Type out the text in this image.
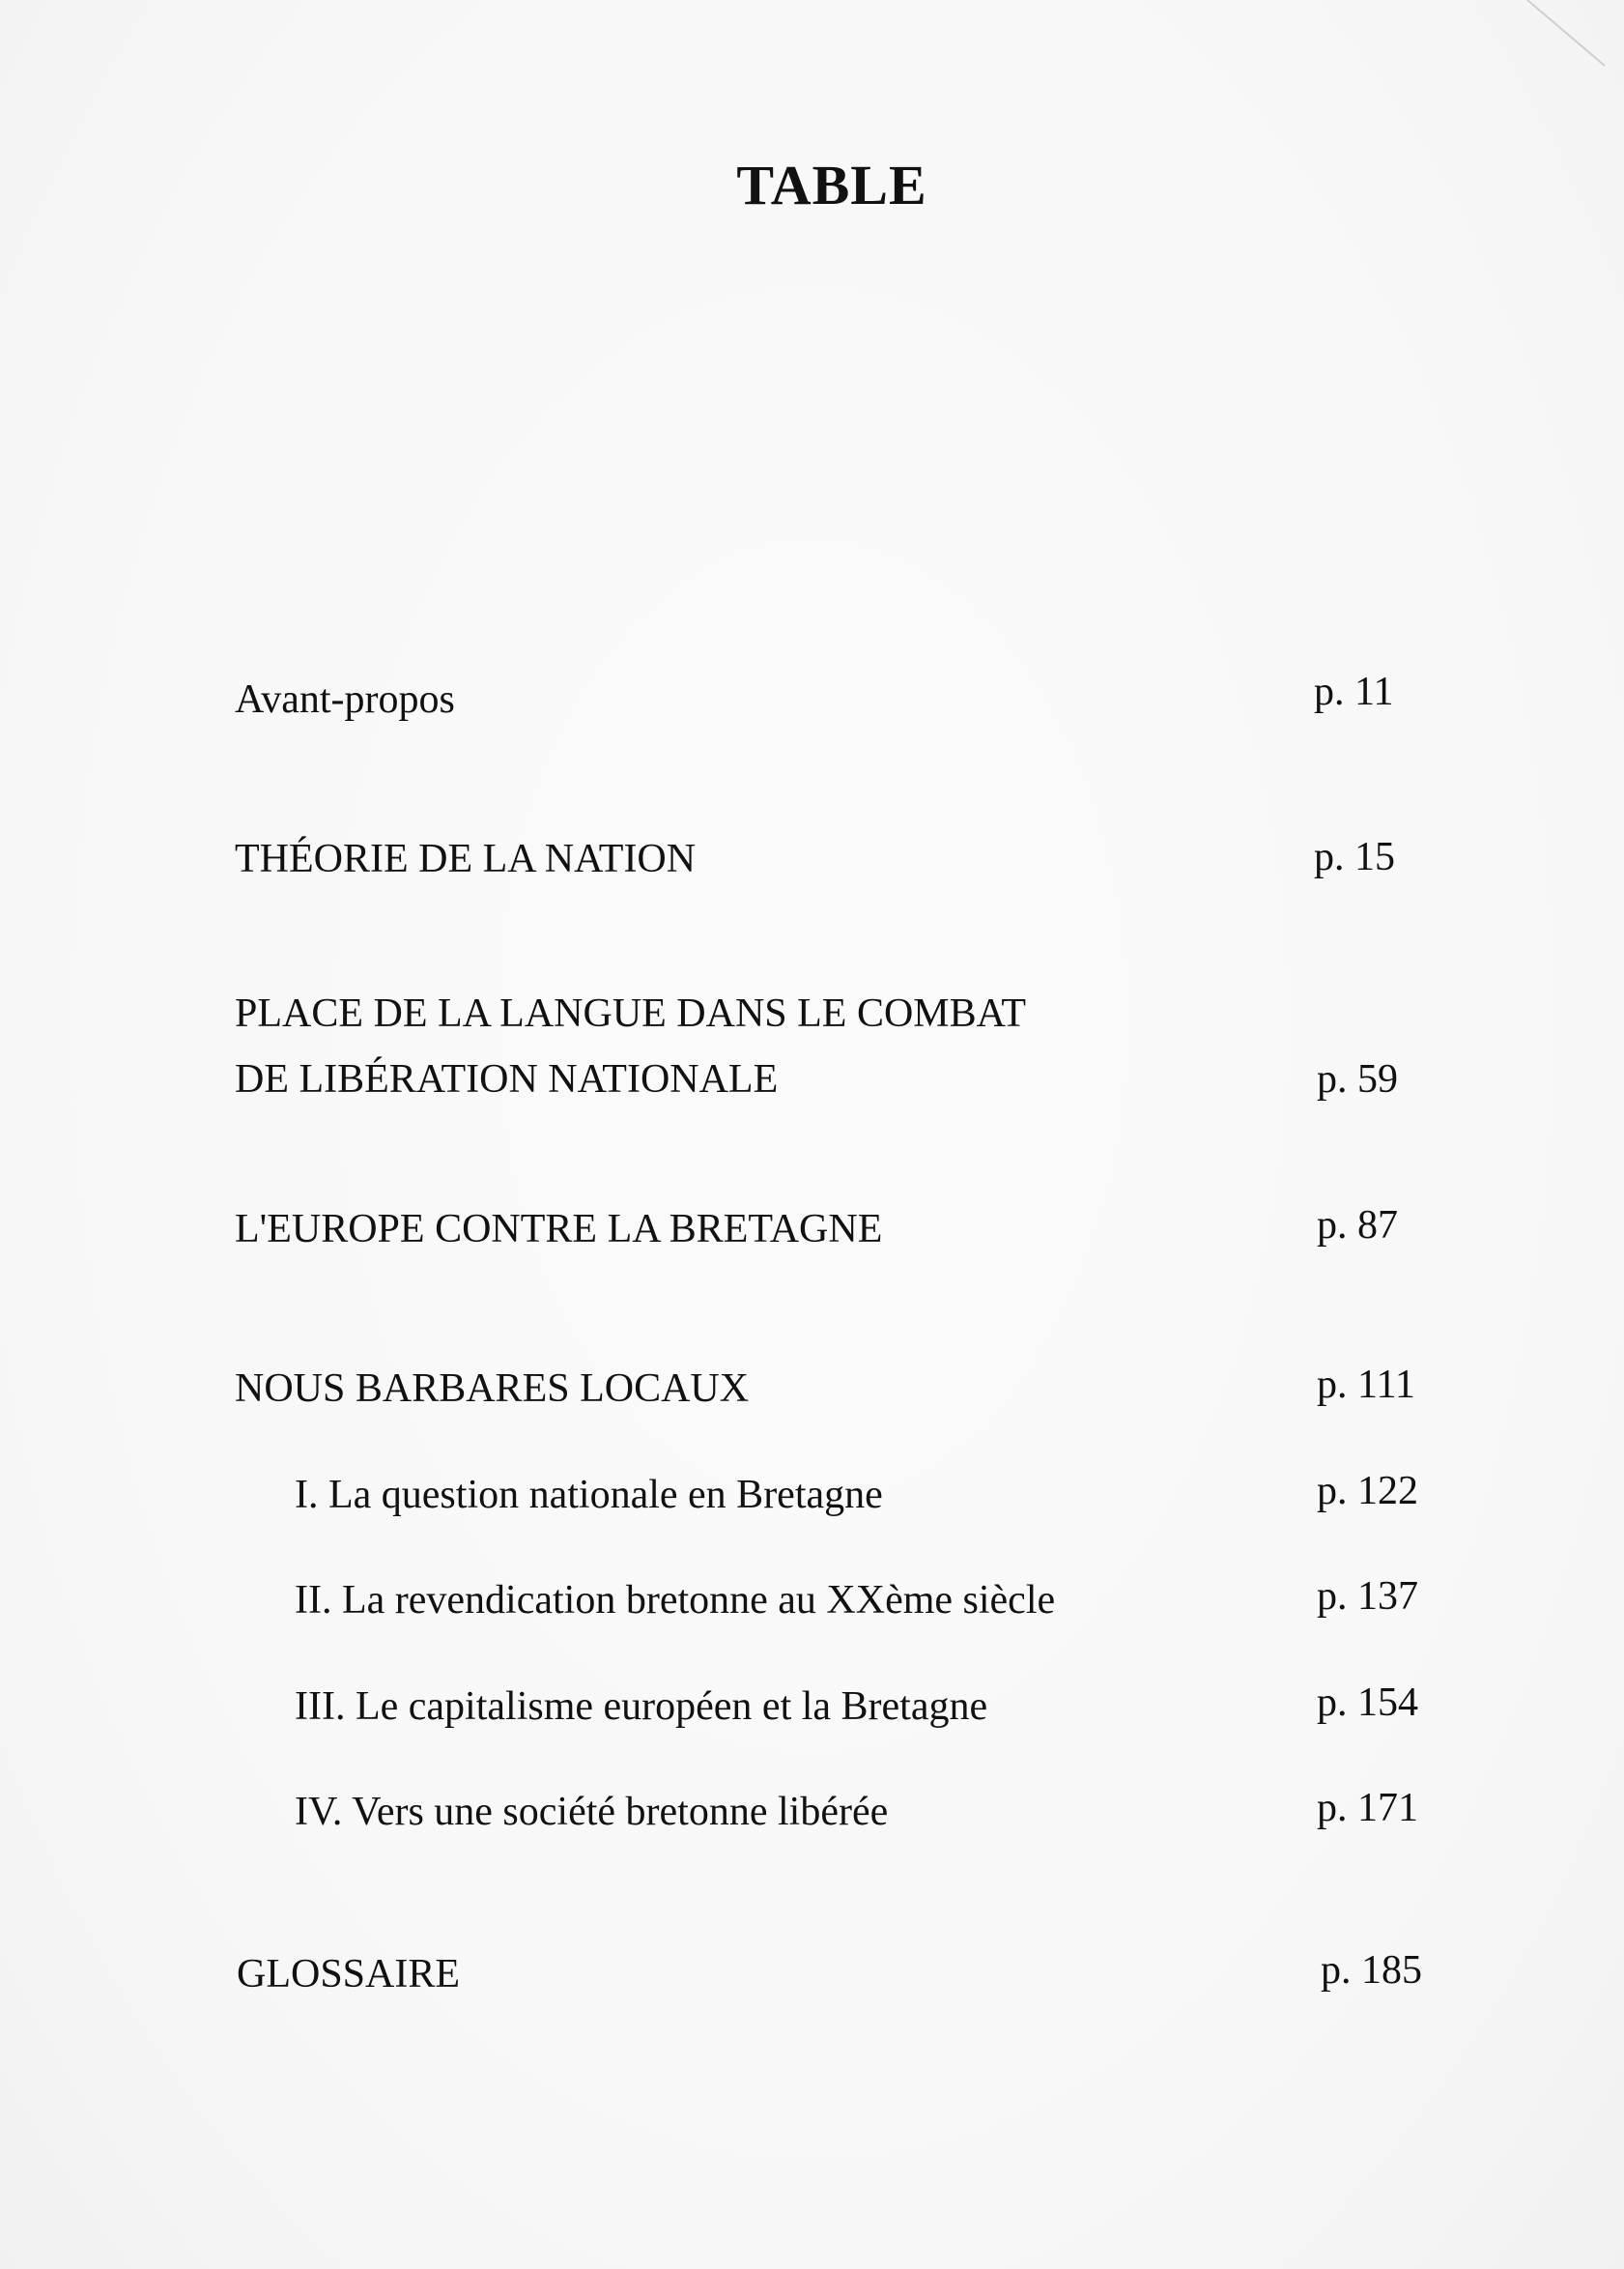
TABLE
Avant-propos	p. 11
THÉORIE DE LA NATION	p. 15
PLACE DE LA LANGUE DANS LE COMBAT
DE LIBÉRATION NATIONALE	p. 59
L'EUROPE CONTRE LA BRETAGNE	p. 87
NOUS BARBARES LOCAUX	p. 111
I. La question nationale en Bretagne	p. 122
II. La revendication bretonne au XXème siècle	p. 137
III. Le capitalisme européen et la Bretagne	p. 154
IV. Vers une société bretonne libérée	p. 171
GLOSSAIRE	p. 185
